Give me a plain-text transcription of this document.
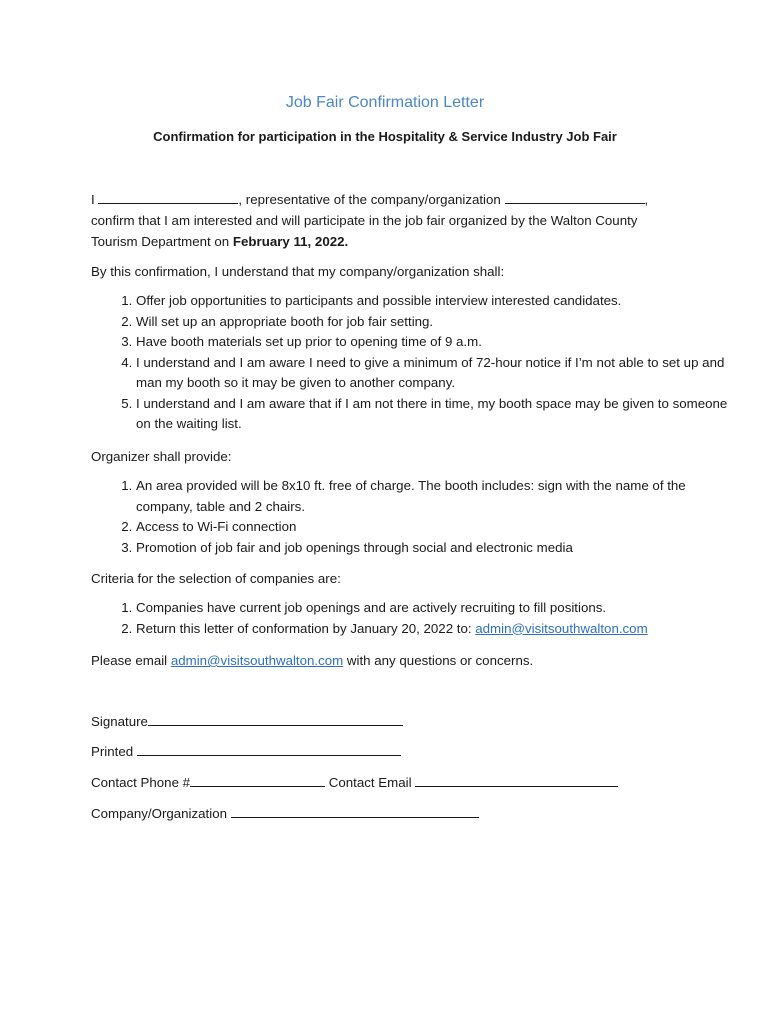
Job Fair Confirmation Letter
Confirmation for participation in the Hospitality & Service Industry Job Fair
I	, representative of the company/organization	,
confirm that I am interested and will participate in the job fair organized by the Walton County
Tourism Department on February 11, 2022.
By this confirmation, I understand that my company/organization shall:
1. Offer job opportunities to participants and possible interview interested candidates.
2. Will set up an appropriate booth for job fair setting.
3. Have booth materials set up prior to opening time of 9 a.m.
4. I understand and I am aware I need to give a minimum of 72-hour notice if I’m not able to set up and man my booth so it may be given to another company.
5. I understand and I am aware that if I am not there in time, my booth space may be given to someone on the waiting list.
Organizer shall provide:
1. An area provided will be 8x10 ft. free of charge. The booth includes: sign with the name of the company, table and 2 chairs.
2. Access to Wi-Fi connection
3. Promotion of job fair and job openings through social and electronic media
Criteria for the selection of companies are:
1. Companies have current job openings and are actively recruiting to fill positions.
2. Return this letter of conformation by January 20, 2022 to: admin@visitsouthwalton.com
Please email admin@visitsouthwalton.com with any questions or concerns.
Signature
Printed
Contact Phone #	Contact Email
Company/Organization
